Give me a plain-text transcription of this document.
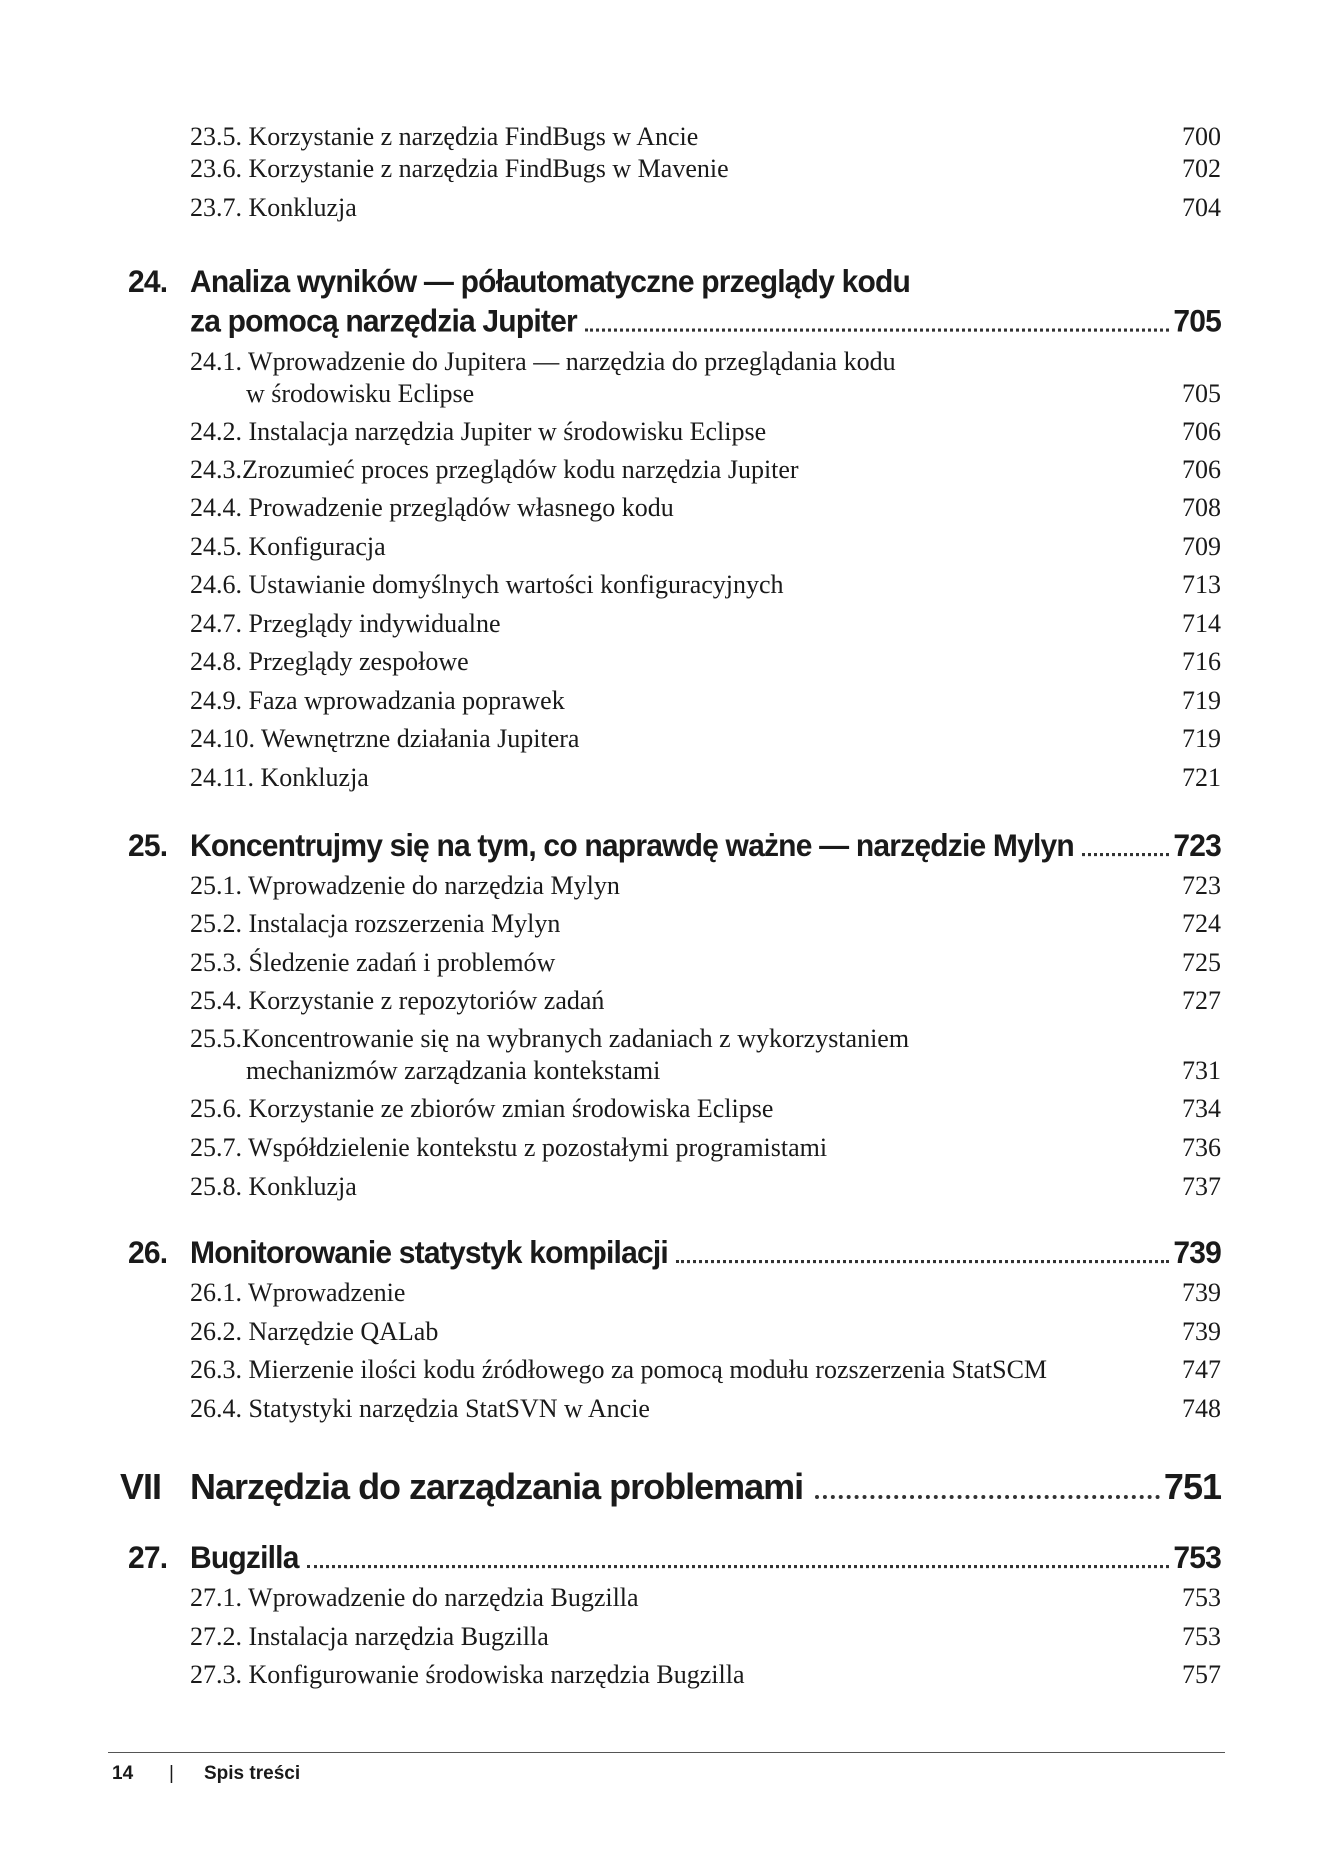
23.5. Korzystanie z narzędzia FindBugs w Ancie	700
23.6. Korzystanie z narzędzia FindBugs w Mavenie	702
23.7. Konkluzja	704
24. Analiza wyników — półautomatyczne przeglądy kodu
za pomocą narzędzia Jupiter	705
24.1. Wprowadzenie do Jupitera — narzędzia do przeglądania kodu
w środowisku Eclipse	705
24.2. Instalacja narzędzia Jupiter w środowisku Eclipse	706
24.3.Zrozumieć proces przeglądów kodu narzędzia Jupiter	706
24.4. Prowadzenie przeglądów własnego kodu	708
24.5. Konfiguracja	709
24.6. Ustawianie domyślnych wartości konfiguracyjnych	713
24.7. Przeglądy indywidualne	714
24.8. Przeglądy zespołowe	716
24.9. Faza wprowadzania poprawek	719
24.10. Wewnętrzne działania Jupitera	719
24.11. Konkluzja	721
25. Koncentrujmy się na tym, co naprawdę ważne — narzędzie Mylyn	723
25.1. Wprowadzenie do narzędzia Mylyn	723
25.2. Instalacja rozszerzenia Mylyn	724
25.3. Śledzenie zadań i problemów	725
25.4. Korzystanie z repozytoriów zadań	727
25.5.Koncentrowanie się na wybranych zadaniach z wykorzystaniem
mechanizmów zarządzania kontekstami	731
25.6. Korzystanie ze zbiorów zmian środowiska Eclipse	734
25.7. Współdzielenie kontekstu z pozostałymi programistami	736
25.8. Konkluzja	737
26. Monitorowanie statystyk kompilacji	739
26.1. Wprowadzenie	739
26.2. Narzędzie QALab	739
26.3. Mierzenie ilości kodu źródłowego za pomocą modułu rozszerzenia StatSCM	747
26.4. Statystyki narzędzia StatSVN w Ancie	748
VII Narzędzia do zarządzania problemami	751
27. Bugzilla	753
27.1. Wprowadzenie do narzędzia Bugzilla	753
27.2. Instalacja narzędzia Bugzilla	753
27.3. Konfigurowanie środowiska narzędzia Bugzilla	757
14 | Spis treści
